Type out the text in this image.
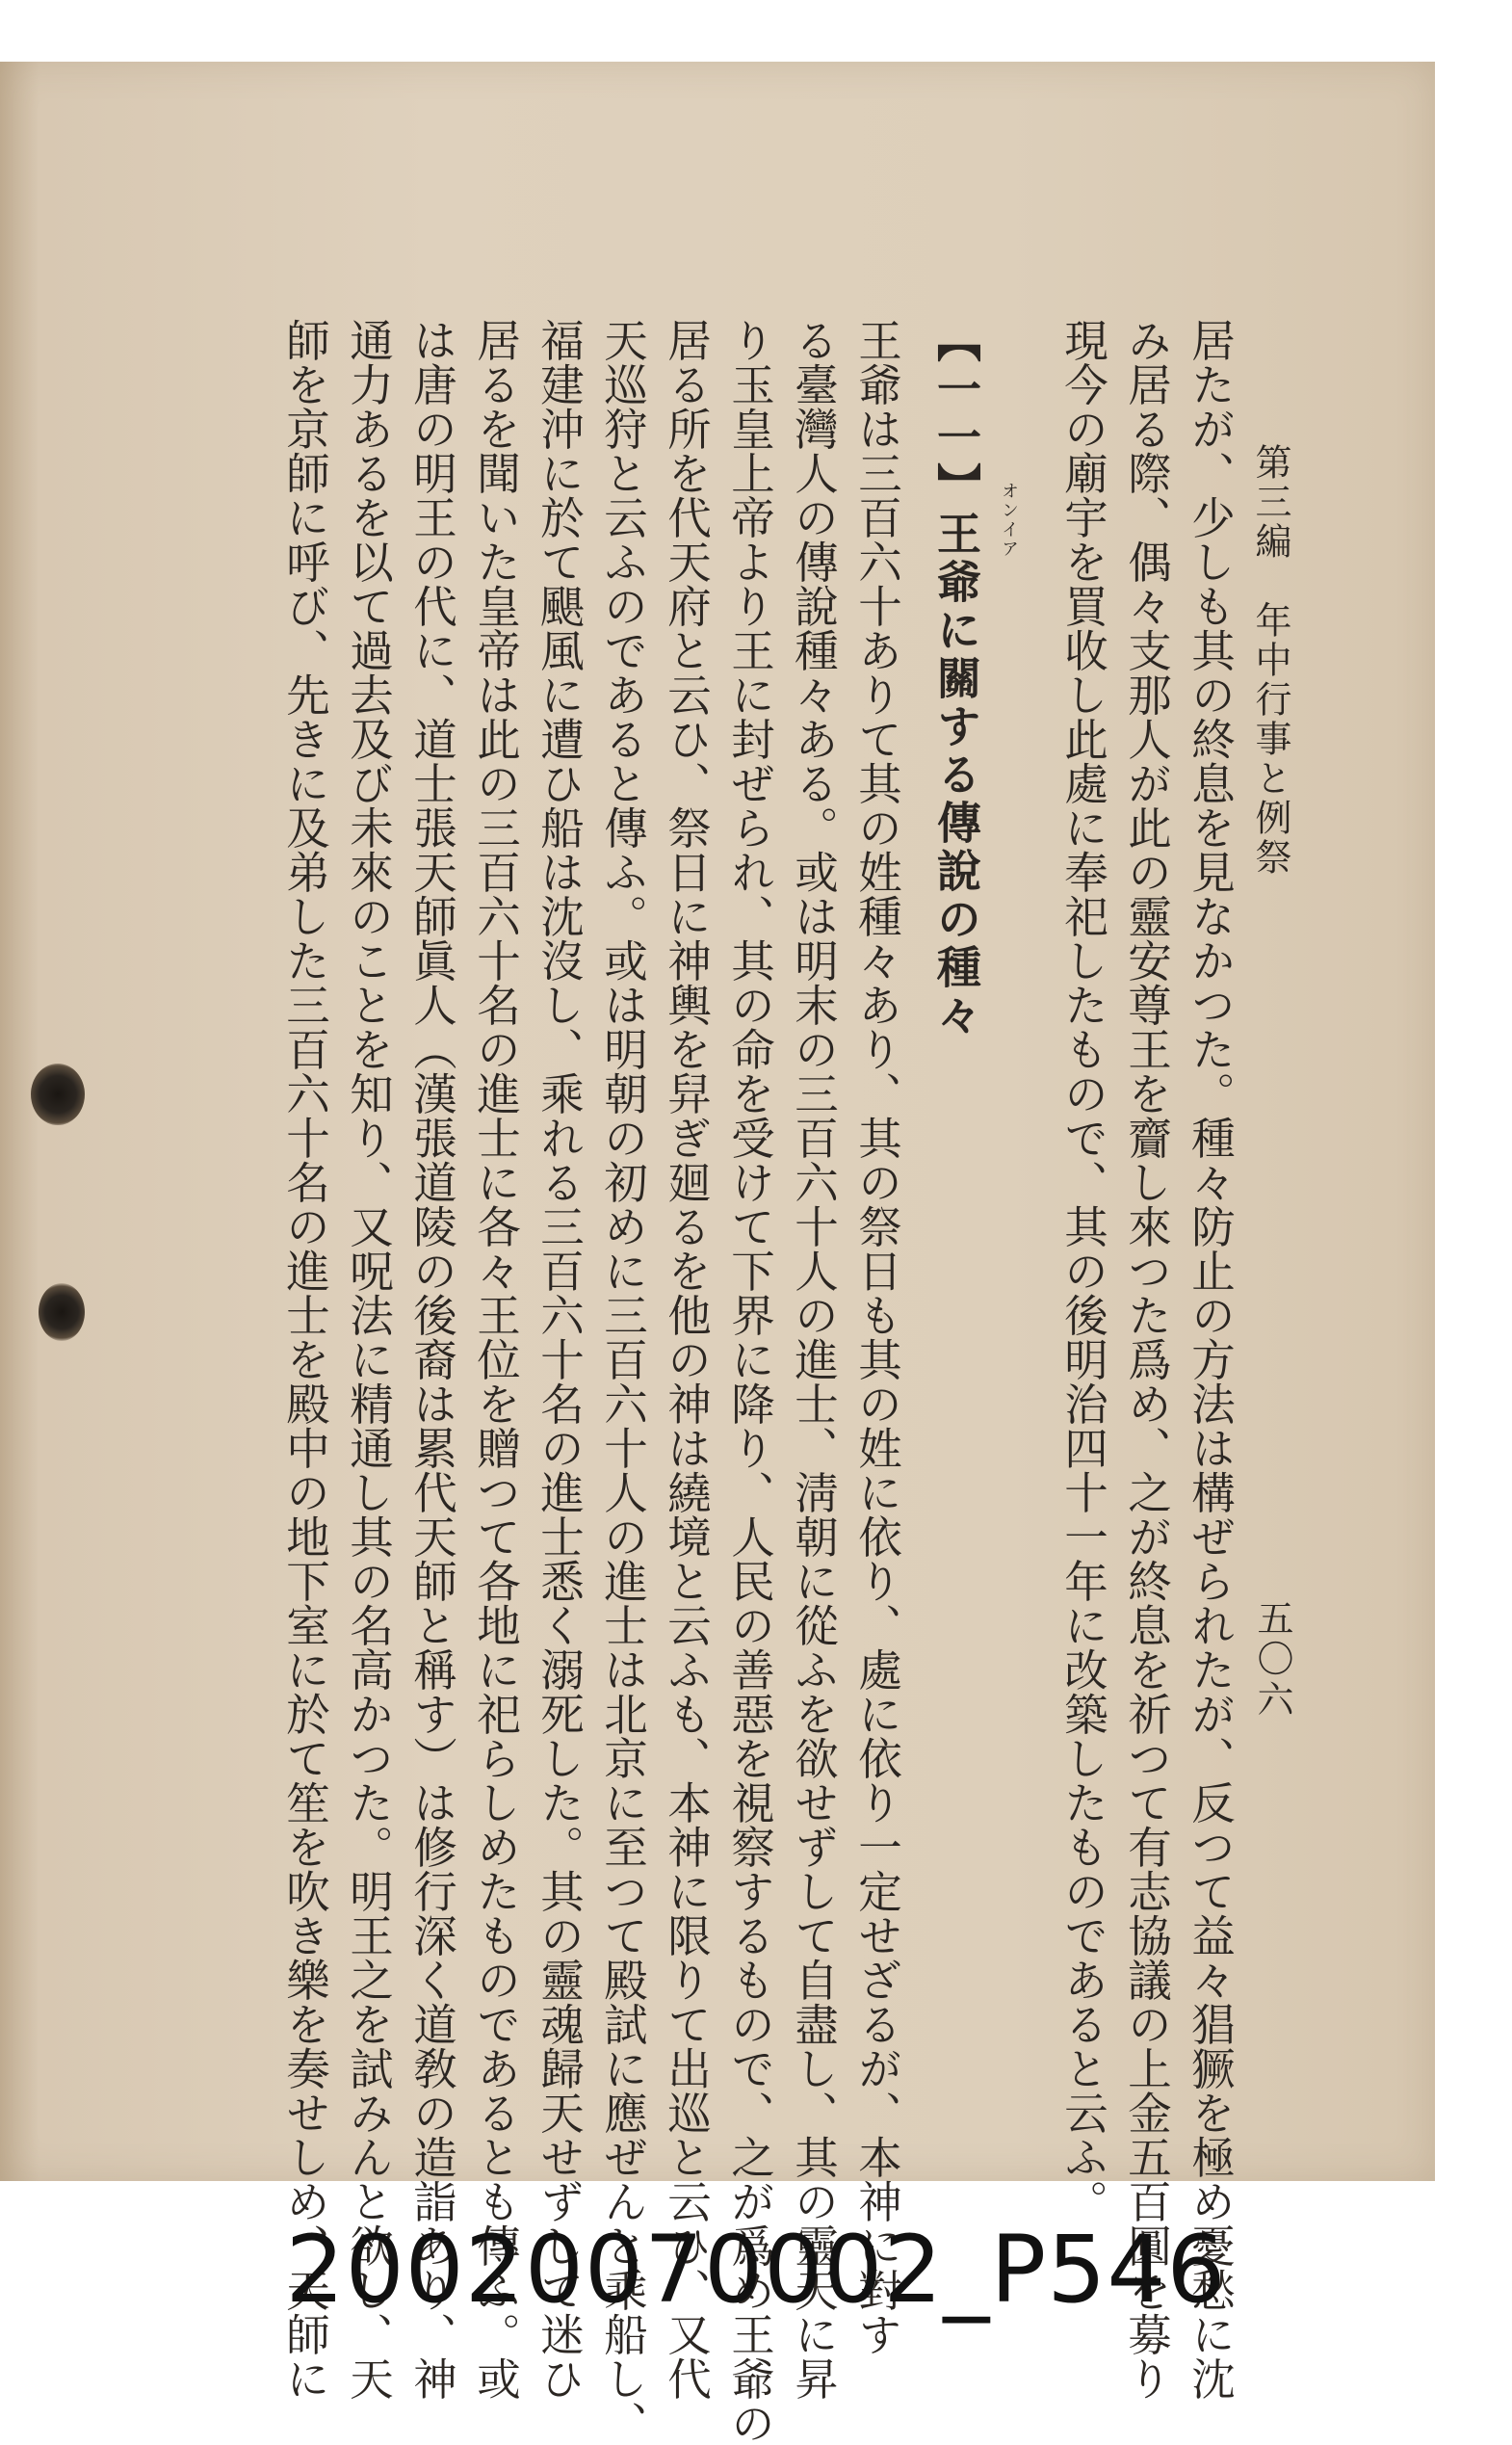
第三編　年中行事と例祭
五〇六
居たが、少しも其の終息を見なかつた。種々防止の方法は構ぜられたが、反つて益々猖獗を極め憂愁に沈
み居る際、偶々支那人が此の靈安尊王を齎し來つた爲め、之が終息を祈つて有志協議の上金五百圓を募り
現今の廟宇を買收し此處に奉祀したもので、其の後明治四十一年に改築したものであると云ふ。
オンイア
【一一】王爺に關する傳說の種々
王爺は三百六十ありて其の姓種々あり、其の祭日も其の姓に依り、處に依り一定せざるが、本神に對す
る臺灣人の傳說種々ある。或は明末の三百六十人の進士、淸朝に從ふを欲せずして自盡し、其の靈天に昇
り玉皇上帝より王に封ぜられ、其の命を受けて下界に降り、人民の善惡を視察するもので、之が爲め王爺の
居る所を代天府と云ひ、祭日に神輿を舁ぎ廻るを他の神は繞境と云ふも、本神に限りて出巡と云ひ、又代
天巡狩と云ふのであると傳ふ。或は明朝の初めに三百六十人の進士は北京に至つて殿試に應ぜんと乘船し、
福建沖に於て颶風に遭ひ船は沈沒し、乘れる三百六十名の進士悉く溺死した。其の靈魂歸天せずして迷ひ
居るを聞いた皇帝は此の三百六十名の進士に各々王位を贈つて各地に祀らしめたものであるとも傳ふ。或
は唐の明王の代に、道士張天師眞人（漢張道陵の後裔は累代天師と稱す）は修行深く道敎の造詣あり、神
通力あるを以て過去及び未來のことを知り、又呪法に精通し其の名高かつた。明王之を試みんと欲し、天
師を京師に呼び、先きに及弟した三百六十名の進士を殿中の地下室に於て笙を吹き樂を奏せしめ、天師に
20020070002_P546
